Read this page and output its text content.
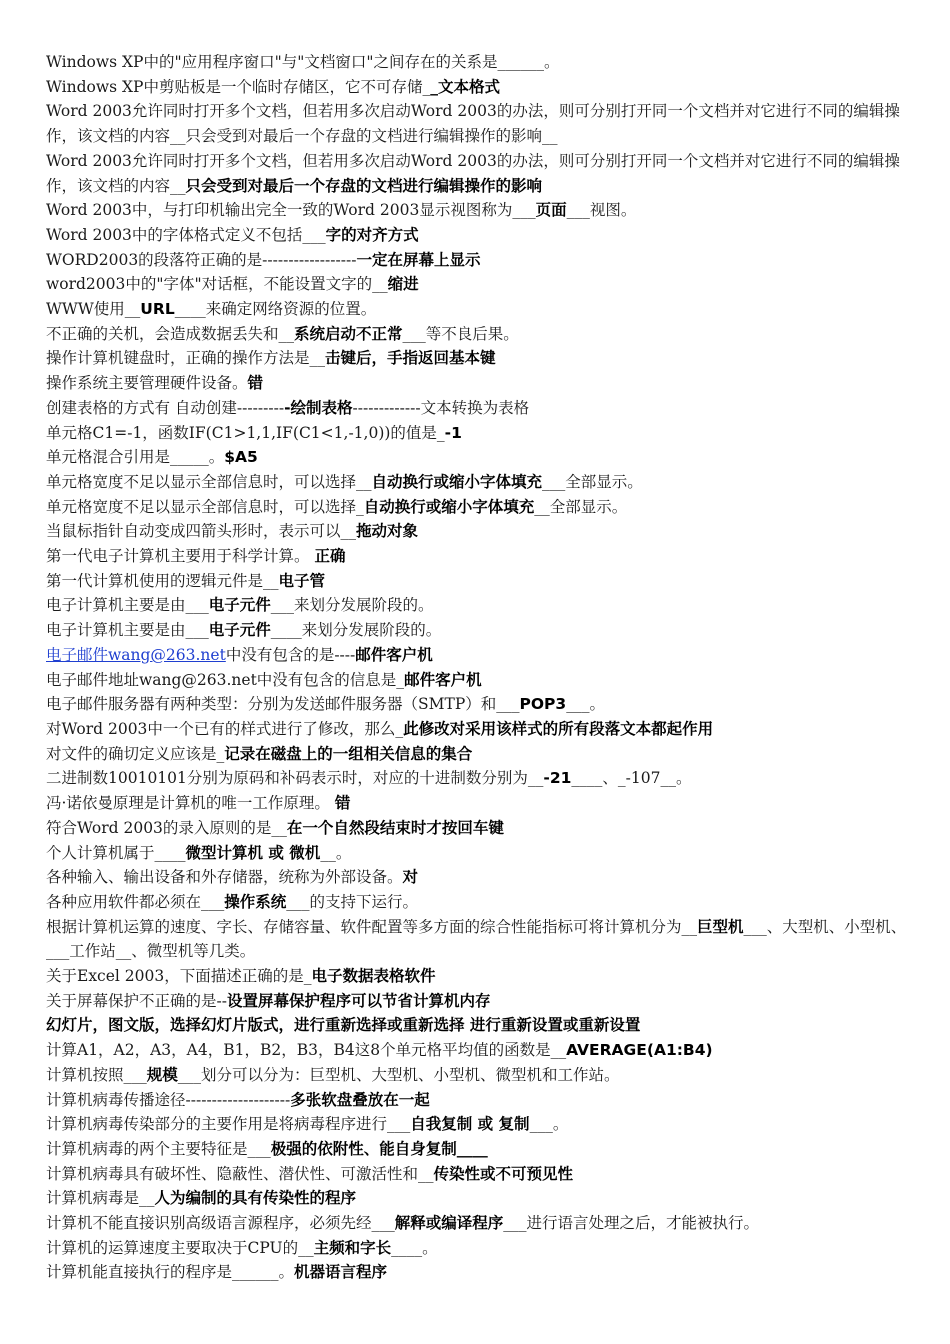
Windows XP中的"应用程序窗口"与"文档窗口"之间存在的关系是______。
Windows XP中剪贴板是一个临时存储区，它不可存储__文本格式
Word 2003允许同时打开多个文档，但若用多次启动Word 2003的办法，则可分别打开同一个文档并对它进行不同的编辑操作，该文档的内容__只会受到对最后一个存盘的文档进行编辑操作的影响__
Word 2003允许同时打开多个文档，但若用多次启动Word 2003的办法，则可分别打开同一个文档并对它进行不同的编辑操作，该文档的内容__只会受到对最后一个存盘的文档进行编辑操作的影响
Word 2003中，与打印机输出完全一致的Word 2003显示视图称为___页面___视图。
Word 2003中的字体格式定义不包括___字的对齐方式
WORD2003的段落符正确的是------------------一定在屏幕上显示
word2003中的"字体"对话框，不能设置文字的__缩进
WWW使用__URL____来确定网络资源的位置。
不正确的关机，会造成数据丢失和__系统启动不正常___等不良后果。
操作计算机键盘时，正确的操作方法是__击键后，手指返回基本键
操作系统主要管理硬件设备。错
创建表格的方式有 自动创建----------绘制表格-------------文本转换为表格
单元格C1=-1，函数IF(C1>1,1,IF(C1<1,-1,0))的值是_-1
单元格混合引用是_____。$A5
单元格宽度不足以显示全部信息时，可以选择__自动换行或缩小字体填充___全部显示。
单元格宽度不足以显示全部信息时，可以选择_自动换行或缩小字体填充__全部显示。
当鼠标指针自动变成四箭头形时，表示可以__拖动对象
第一代电子计算机主要用于科学计算。 正确
第一代计算机使用的逻辑元件是__电子管
电子计算机主要是由___电子元件___来划分发展阶段的。
电子计算机主要是由___电子元件____来划分发展阶段的。
电子邮件wang@263.net中没有包含的是----邮件客户机
电子邮件地址wang@263.net中没有包含的信息是_邮件客户机
电子邮件服务器有两种类型：分别为发送邮件服务器（SMTP）和___POP3___。
对Word 2003中一个已有的样式进行了修改，那么_此修改对采用该样式的所有段落文本都起作用
对文件的确切定义应该是_记录在磁盘上的一组相关信息的集合
二进制数10010101分别为原码和补码表示时，对应的十进制数分别为__-21____、_-107__。
冯·诺依曼原理是计算机的唯一工作原理。 错
符合Word 2003的录入原则的是__在一个自然段结束时才按回车键
个人计算机属于____微型计算机 或 微机__。
各种输入、输出设备和外存储器，统称为外部设备。对
各种应用软件都必须在___操作系统___的支持下运行。
根据计算机运算的速度、字长、存储容量、软件配置等多方面的综合性能指标可将计算机分为__巨型机___、大型机、小型机、___工作站__、微型机等几类。
关于Excel 2003，下面描述正确的是_电子数据表格软件
关于屏幕保护不正确的是--设置屏幕保护程序可以节省计算机内存
幻灯片，图文版，选择幻灯片版式，进行重新选择或重新选择 进行重新设置或重新设置
计算A1，A2，A3，A4，B1，B2，B3，B4这8个单元格平均值的函数是__AVERAGE(A1:B4)
计算机按照___规模___划分可以分为：巨型机、大型机、小型机、微型机和工作站。
计算机病毒传播途径--------------------多张软盘叠放在一起
计算机病毒传染部分的主要作用是将病毒程序进行___自我复制 或 复制___。
计算机病毒的两个主要特征是___极强的依附性、能自身复制____
计算机病毒具有破坏性、隐蔽性、潜伏性、可激活性和__传染性或不可预见性
计算机病毒是__人为编制的具有传染性的程序
计算机不能直接识别高级语言源程序，必须先经___解释或编译程序___进行语言处理之后，才能被执行。
计算机的运算速度主要取决于CPU的__主频和字长____。
计算机能直接执行的程序是______。机器语言程序
